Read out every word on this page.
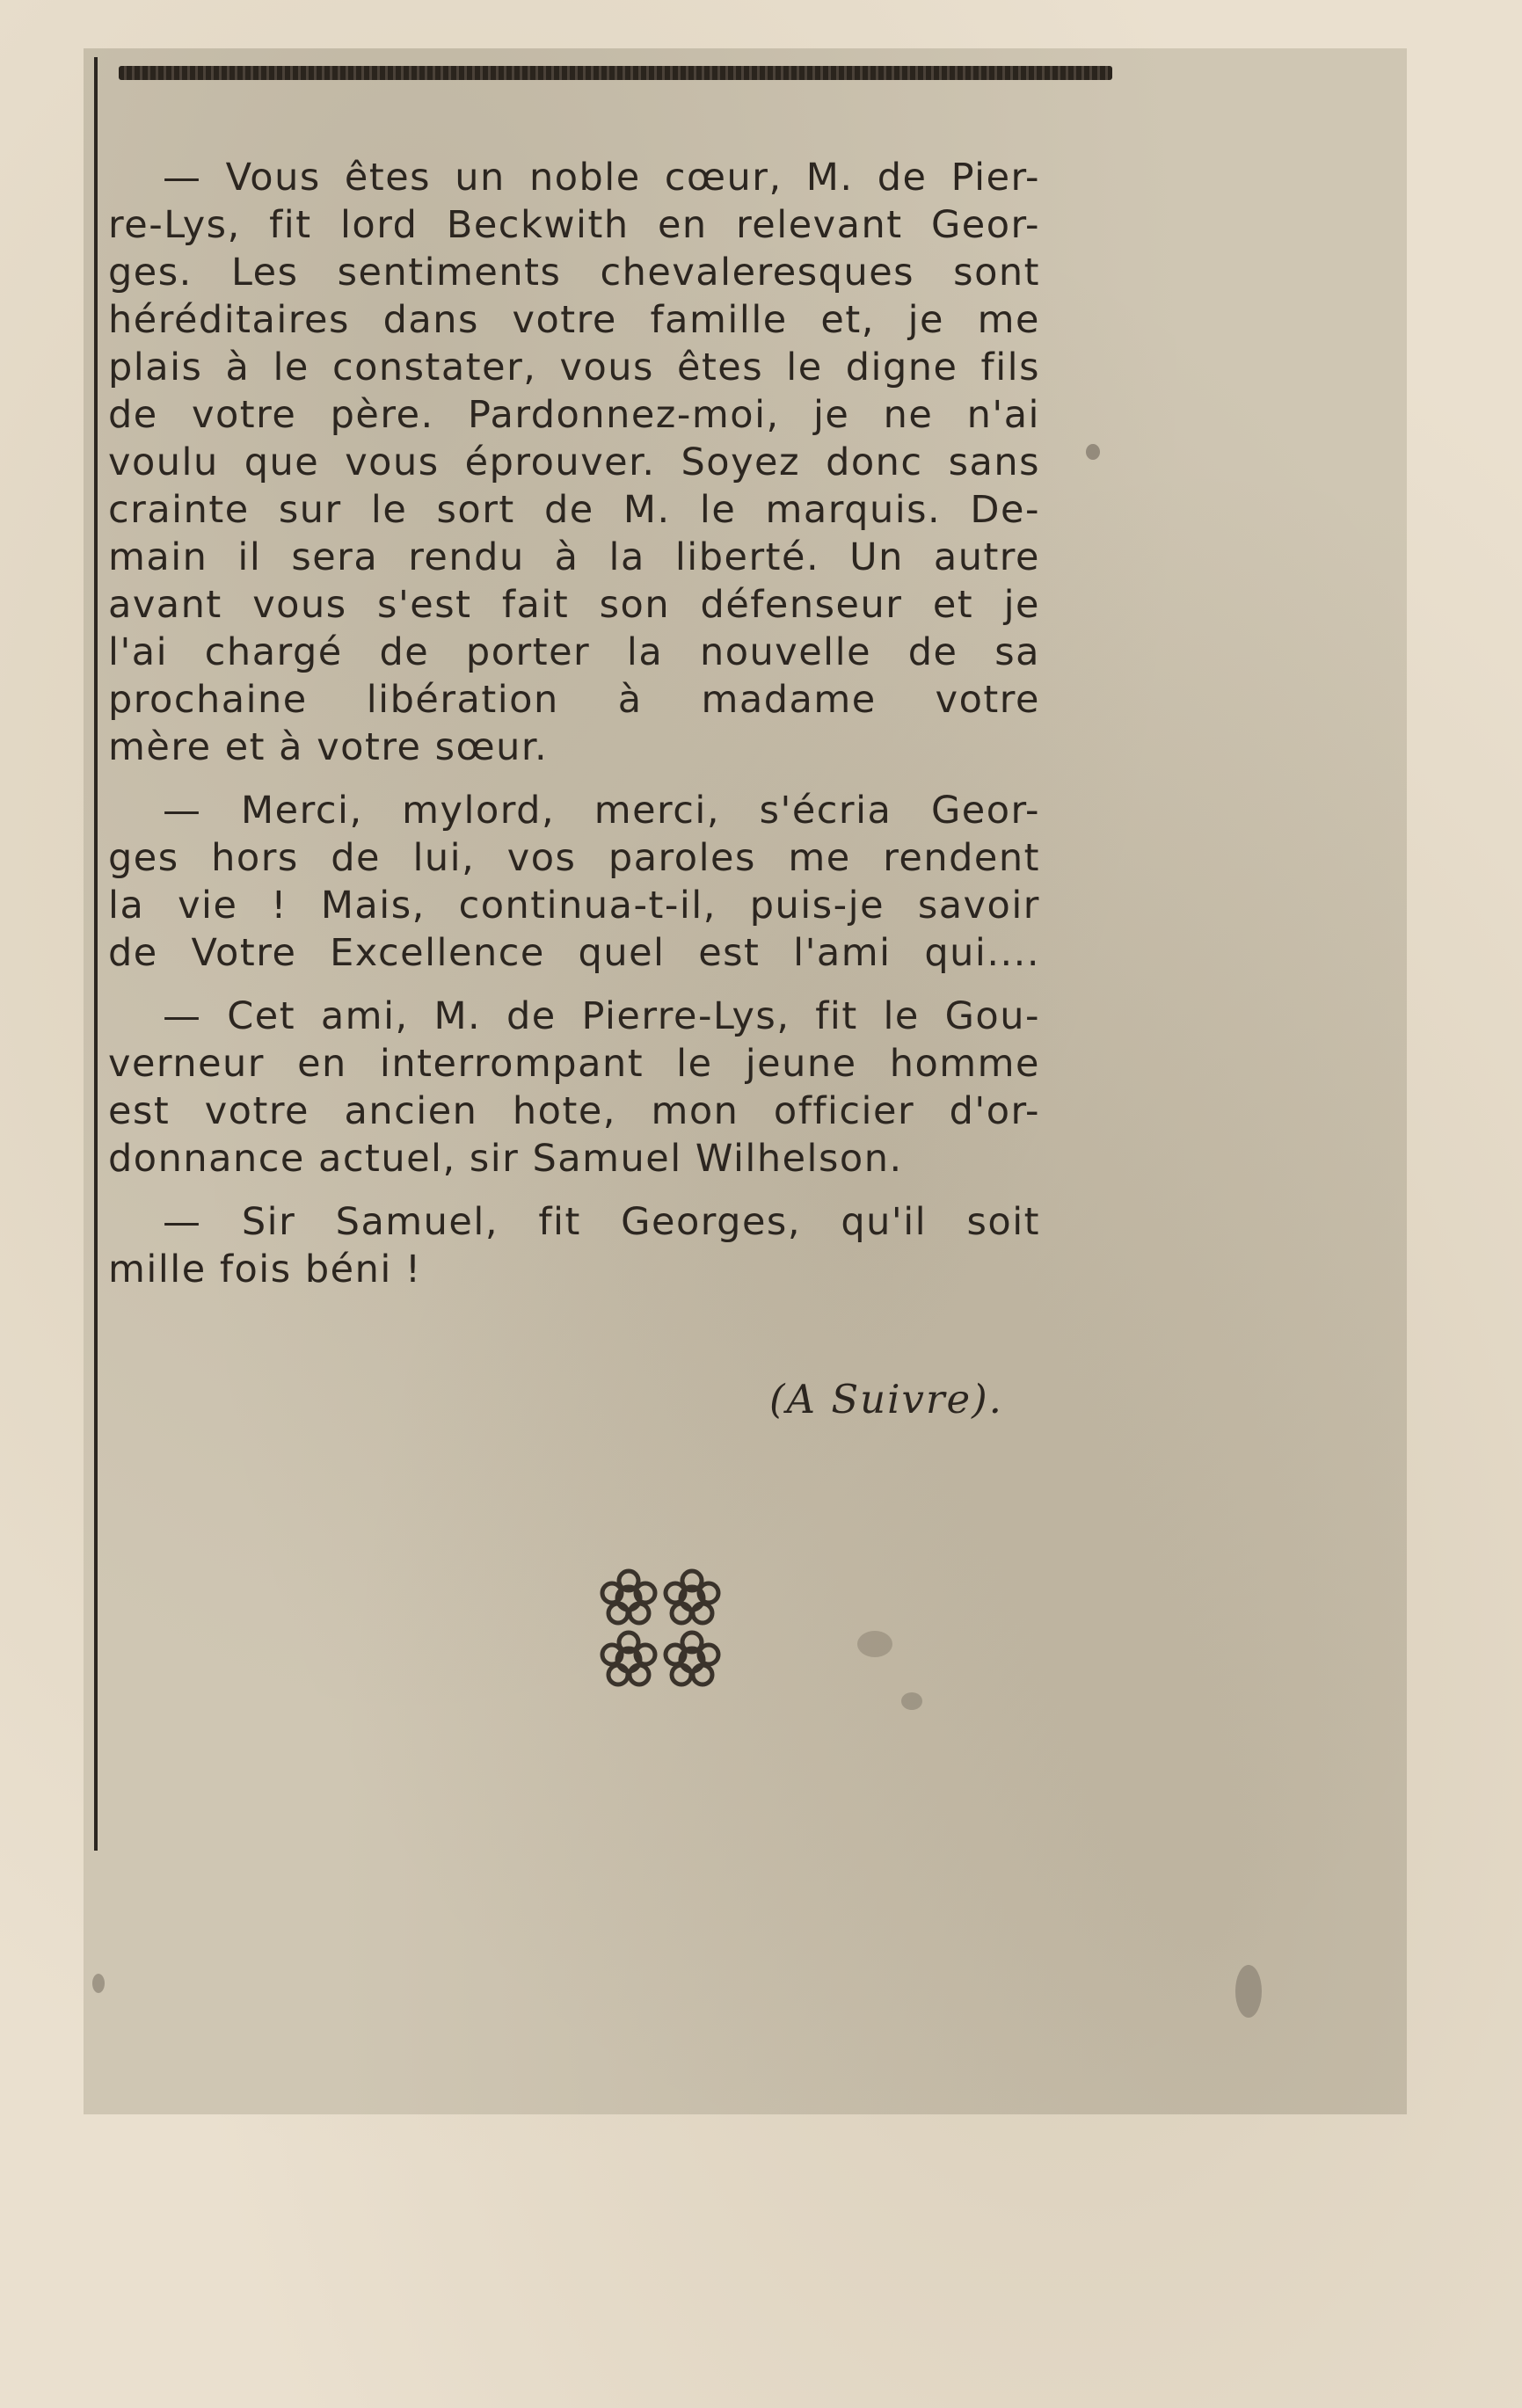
— Vous êtes un noble cœur, M. de Pier-
re-Lys, fit lord Beckwith en relevant Geor-
ges. Les sentiments chevaleresques sont
héréditaires dans votre famille et, je me
plais à le constater, vous êtes le digne fils
de votre père. Pardonnez-moi, je ne n'ai
voulu que vous éprouver. Soyez donc sans
crainte sur le sort de M. le marquis. De-
main il sera rendu à la liberté. Un autre
avant vous s'est fait son défenseur et je
l'ai chargé de porter la nouvelle de sa
prochaine libération à madame votre
mère et à votre sœur.
— Merci, mylord, merci, s'écria Geor-
ges hors de lui, vos paroles me rendent
la vie ! Mais, continua-t-il, puis-je savoir
de Votre Excellence quel est l'ami qui....
— Cet ami, M. de Pierre-Lys, fit le Gou-
verneur en interrompant le jeune homme
est votre ancien hote, mon officier d'or-
donnance actuel, sir Samuel Wilhelson.
— Sir Samuel, fit Georges, qu'il soit
mille fois béni !
(A Suivre).
